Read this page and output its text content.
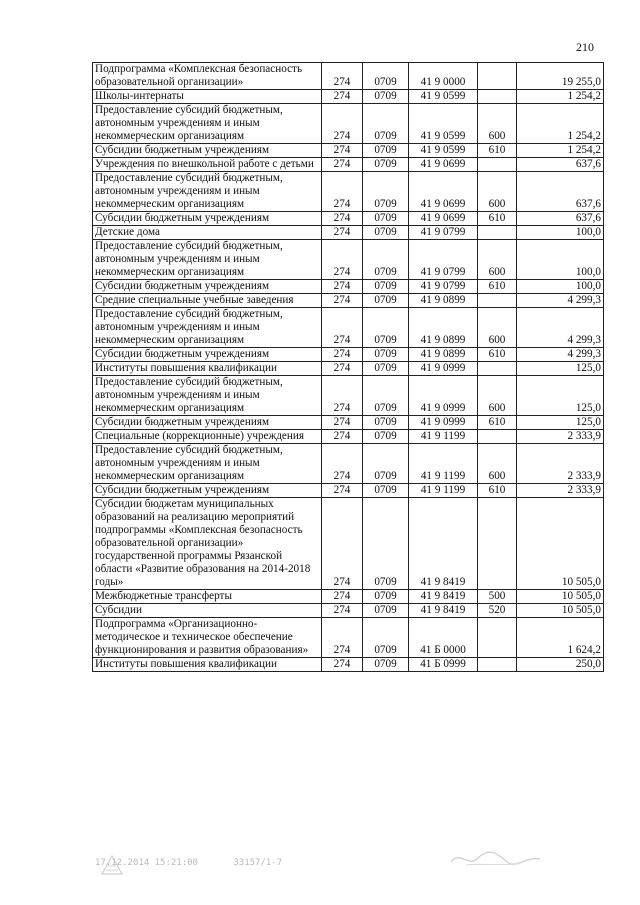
210
Подпрограмма «Комплексная безопасность образовательной организации»	274	0709	41 9 0000		19 255,0
Школы-интернаты	274	0709	41 9 0599		1 254,2
Предоставление субсидий бюджетным, автономным учреждениям и иным некоммерческим организациям	274	0709	41 9 0599	600	1 254,2
Субсидии бюджетным учреждениям	274	0709	41 9 0599	610	1 254,2
Учреждения по внешкольной работе с детьми	274	0709	41 9 0699		637,6
Предоставление субсидий бюджетным, автономным учреждениям и иным некоммерческим организациям	274	0709	41 9 0699	600	637,6
Субсидии бюджетным учреждениям	274	0709	41 9 0699	610	637,6
Детские дома	274	0709	41 9 0799		100,0
Предоставление субсидий бюджетным, автономным учреждениям и иным некоммерческим организациям	274	0709	41 9 0799	600	100,0
Субсидии бюджетным учреждениям	274	0709	41 9 0799	610	100,0
Средние специальные учебные заведения	274	0709	41 9 0899		4 299,3
Предоставление субсидий бюджетным, автономным учреждениям и иным некоммерческим организациям	274	0709	41 9 0899	600	4 299,3
Субсидии бюджетным учреждениям	274	0709	41 9 0899	610	4 299,3
Институты повышения квалификации	274	0709	41 9 0999		125,0
Предоставление субсидий бюджетным, автономным учреждениям и иным некоммерческим организациям	274	0709	41 9 0999	600	125,0
Субсидии бюджетным учреждениям	274	0709	41 9 0999	610	125,0
Специальные (коррекционные) учреждения	274	0709	41 9 1199		2 333,9
Предоставление субсидий бюджетным, автономным учреждениям и иным некоммерческим организациям	274	0709	41 9 1199	600	2 333,9
Субсидии бюджетным учреждениям	274	0709	41 9 1199	610	2 333,9
Субсидии бюджетам муниципальных образований на реализацию мероприятий подпрограммы «Комплексная безопасность образовательной организации» государственной программы Рязанской области «Развитие образования на 2014-2018 годы»	274	0709	41 9 8419		10 505,0
Межбюджетные трансферты	274	0709	41 9 8419	500	10 505,0
Субсидии	274	0709	41 9 8419	520	10 505,0
Подпрограмма «Организационно-методическое и техническое обеспечение функционирования и развития образования»	274	0709	41 Б 0000		1 624,2
Институты повышения квалификации	274	0709	41 Б 0999		250,0
17.12.2014 15:21:00	33157/1-7
